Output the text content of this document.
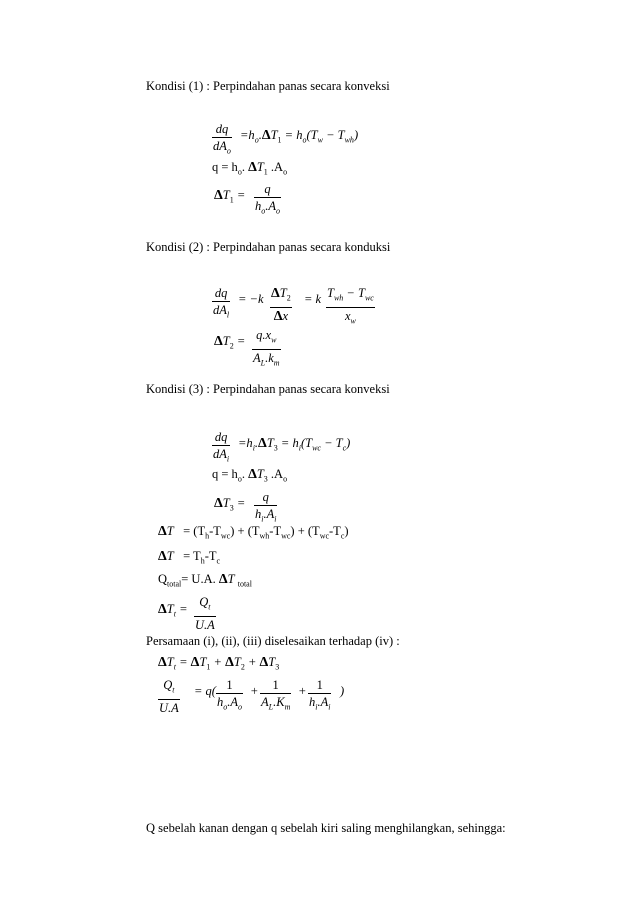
Kondisi (1) : Perpindahan panas secara konveksi
dq
$dA_o$
$=h_o.\Delta T_1 = h_o(T_w - T_{wh})$
$q = h_o$. $\Delta T_1$ $.A_o$
$\Delta T_1 = \frac{q}{h_o.A_o}$
Kondisi (2) : Perpindahan panas secara konduksi
dq
$dA_l$
= $-k \frac{\Delta T_2}{\Delta x} = k$ $T_{wh} - T_{wc}$
$x_w$
$\Delta T_2 = \frac{q.x_w}{A_L.k_m}$
Kondisi (3) : Perpindahan panas secara konveksi
dq
$dA_i$
$=h_i.\Delta T_3 = h_i(T_{wc} - T_c)$
$q = h_o$. $\Delta T_3$ $.A_o$
$\Delta T_3 = \frac{q}{h_i.A_i}$
$\Delta T = (T_h-T_{wc}) + (T_{wh}-T_{wc}) + (T_{wc}-T_c)$
$\Delta T = T_h-T_c$
$Q_{total}= U.A$. ΔT $_{total}$
$\Delta T_t = \frac{Q_t}{U.A}$
Persamaan (i), (ii), (iii) diselesaikan terhadap (iv) :
$\Delta T_t = \Delta T_1 + \Delta T_2 + \Delta T_3$
$\frac{Q_t}{U.A} = q( \frac{1}{h_o.A_o} + \frac{1}{A_L.K_m} + \frac{1}{h_i.A_i}$ )
Q sebelah kanan dengan q sebelah kiri saling menghilangkan, sehingga:
